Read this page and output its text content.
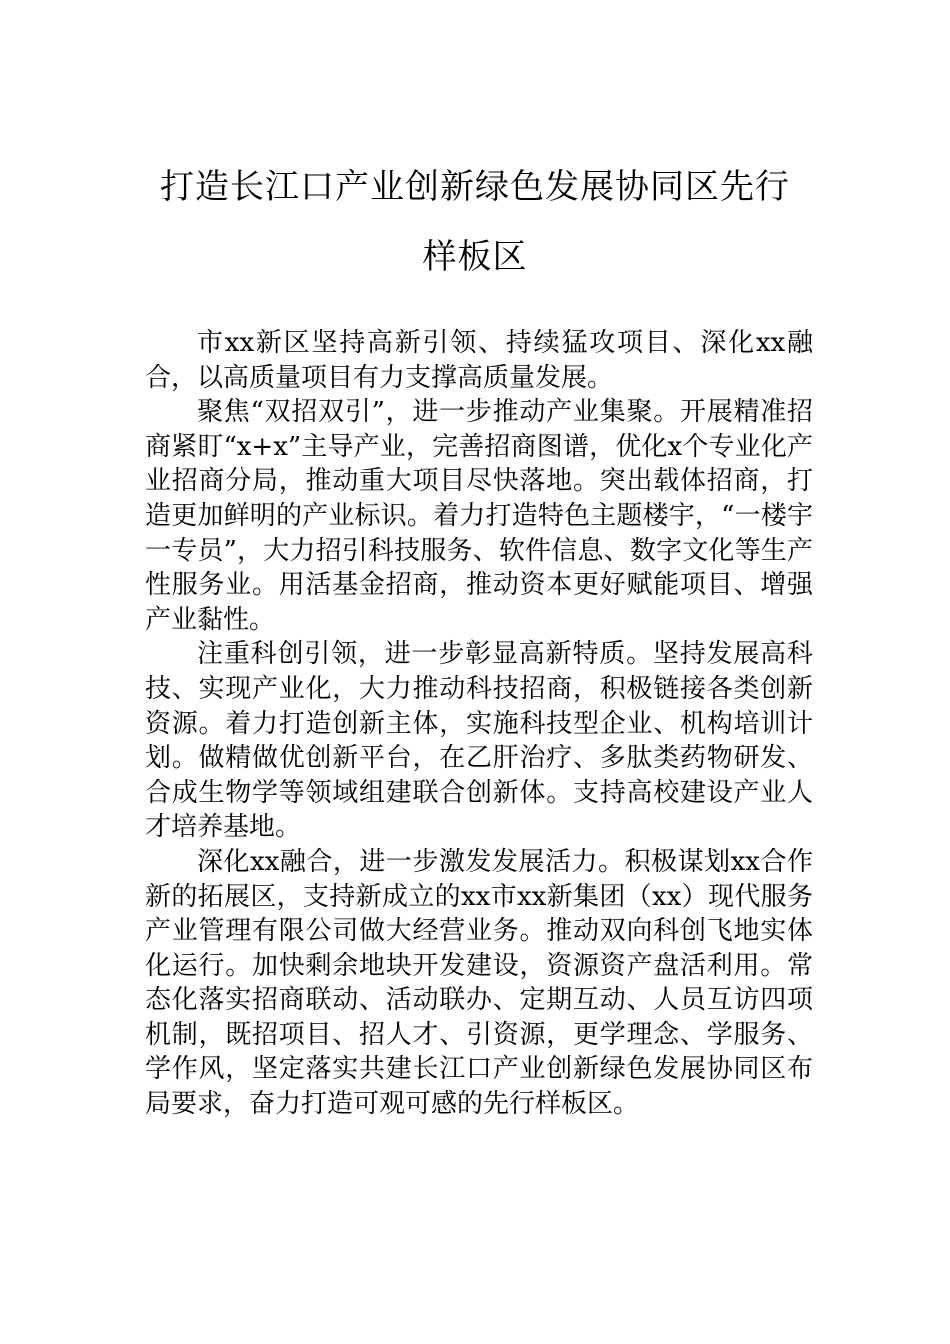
打造长江口产业创新绿色发展协同区先行
样板区

市xx新区坚持高新引领、持续猛攻项目、深化xx融合，以高质量项目有力支撑高质量发展。

聚焦“双招双引”，进一步推动产业集聚。开展精准招商紧盯“x+x”主导产业，完善招商图谱，优化x个专业化产业招商分局，推动重大项目尽快落地。突出载体招商，打造更加鲜明的产业标识。着力打造特色主题楼宇，“一楼宇一专员”，大力招引科技服务、软件信息、数字文化等生产性服务业。用活基金招商，推动资本更好赋能项目、增强产业黏性。

注重科创引领，进一步彰显高新特质。坚持发展高科技、实现产业化，大力推动科技招商，积极链接各类创新资源。着力打造创新主体，实施科技型企业、机构培训计划。做精做优创新平台，在乙肝治疗、多肽类药物研发、合成生物学等领域组建联合创新体。支持高校建设产业人才培养基地。

深化xx融合，进一步激发发展活力。积极谋划xx合作新的拓展区，支持新成立的xx市xx新集团（xx）现代服务产业管理有限公司做大经营业务。推动双向科创飞地实体化运行。加快剩余地块开发建设，资源资产盘活利用。常态化落实招商联动、活动联办、定期互动、人员互访四项机制，既招项目、招人才、引资源，更学理念、学服务、学作风，坚定落实共建长江口产业创新绿色发展协同区布局要求，奋力打造可观可感的先行样板区。
